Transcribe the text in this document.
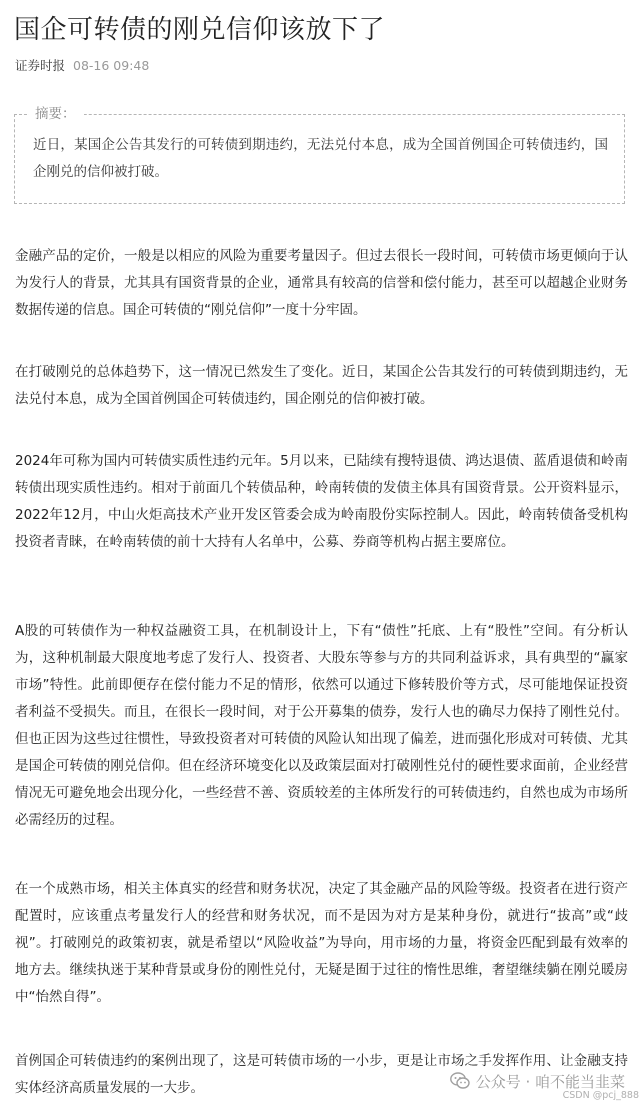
国企可转债的刚兑信仰该放下了
证券时报 08-16 09:48
摘要：
近日，某国企公告其发行的可转债到期违约，无法兑付本息，成为全国首例国企可转债违约，国企刚兑的信仰被打破。

金融产品的定价，一般是以相应的风险为重要考量因子。但过去很长一段时间，可转债市场更倾向于认为发行人的背景，尤其具有国资背景的企业，通常具有较高的信誉和偿付能力，甚至可以超越企业财务数据传递的信息。国企可转债的“刚兑信仰”一度十分牢固。

在打破刚兑的总体趋势下，这一情况已然发生了变化。近日，某国企公告其发行的可转债到期违约，无法兑付本息，成为全国首例国企可转债违约，国企刚兑的信仰被打破。

2024年可称为国内可转债实质性违约元年。5月以来，已陆续有搜特退债、鸿达退债、蓝盾退债和岭南转债出现实质性违约。相对于前面几个转债品种，岭南转债的发债主体具有国资背景。公开资料显示，2022年12月，中山火炬高技术产业开发区管委会成为岭南股份实际控制人。因此，岭南转债备受机构投资者青睐，在岭南转债的前十大持有人名单中，公募、券商等机构占据主要席位。

A股的可转债作为一种权益融资工具，在机制设计上，下有“债性”托底、上有“股性”空间。有分析认为，这种机制最大限度地考虑了发行人、投资者、大股东等参与方的共同利益诉求，具有典型的“赢家市场”特性。此前即便存在偿付能力不足的情形，依然可以通过下修转股价等方式，尽可能地保证投资者利益不受损失。而且，在很长一段时间，对于公开募集的债券，发行人也的确尽力保持了刚性兑付。但也正因为这些过往惯性，导致投资者对可转债的风险认知出现了偏差，进而强化形成对可转债、尤其是国企可转债的刚兑信仰。但在经济环境变化以及政策层面对打破刚性兑付的硬性要求面前，企业经营情况无可避免地会出现分化，一些经营不善、资质较差的主体所发行的可转债违约，自然也成为市场所必需经历的过程。

在一个成熟市场，相关主体真实的经营和财务状况，决定了其金融产品的风险等级。投资者在进行资产配置时，应该重点考量发行人的经营和财务状况，而不是因为对方是某种身份，就进行“拔高”或“歧视”。打破刚兑的政策初衷，就是希望以“风险收益”为导向，用市场的力量，将资金匹配到最有效率的地方去。继续执迷于某种背景或身份的刚性兑付，无疑是囿于过往的惰性思维，奢望继续躺在刚兑暖房中“怡然自得”。

首例国企可转债违约的案例出现了，这是可转债市场的一小步，更是让市场之手发挥作用、让金融支持实体经济高质量发展的一大步。	公众号 · 咱不能当韭菜
CSDN @pcj_888
